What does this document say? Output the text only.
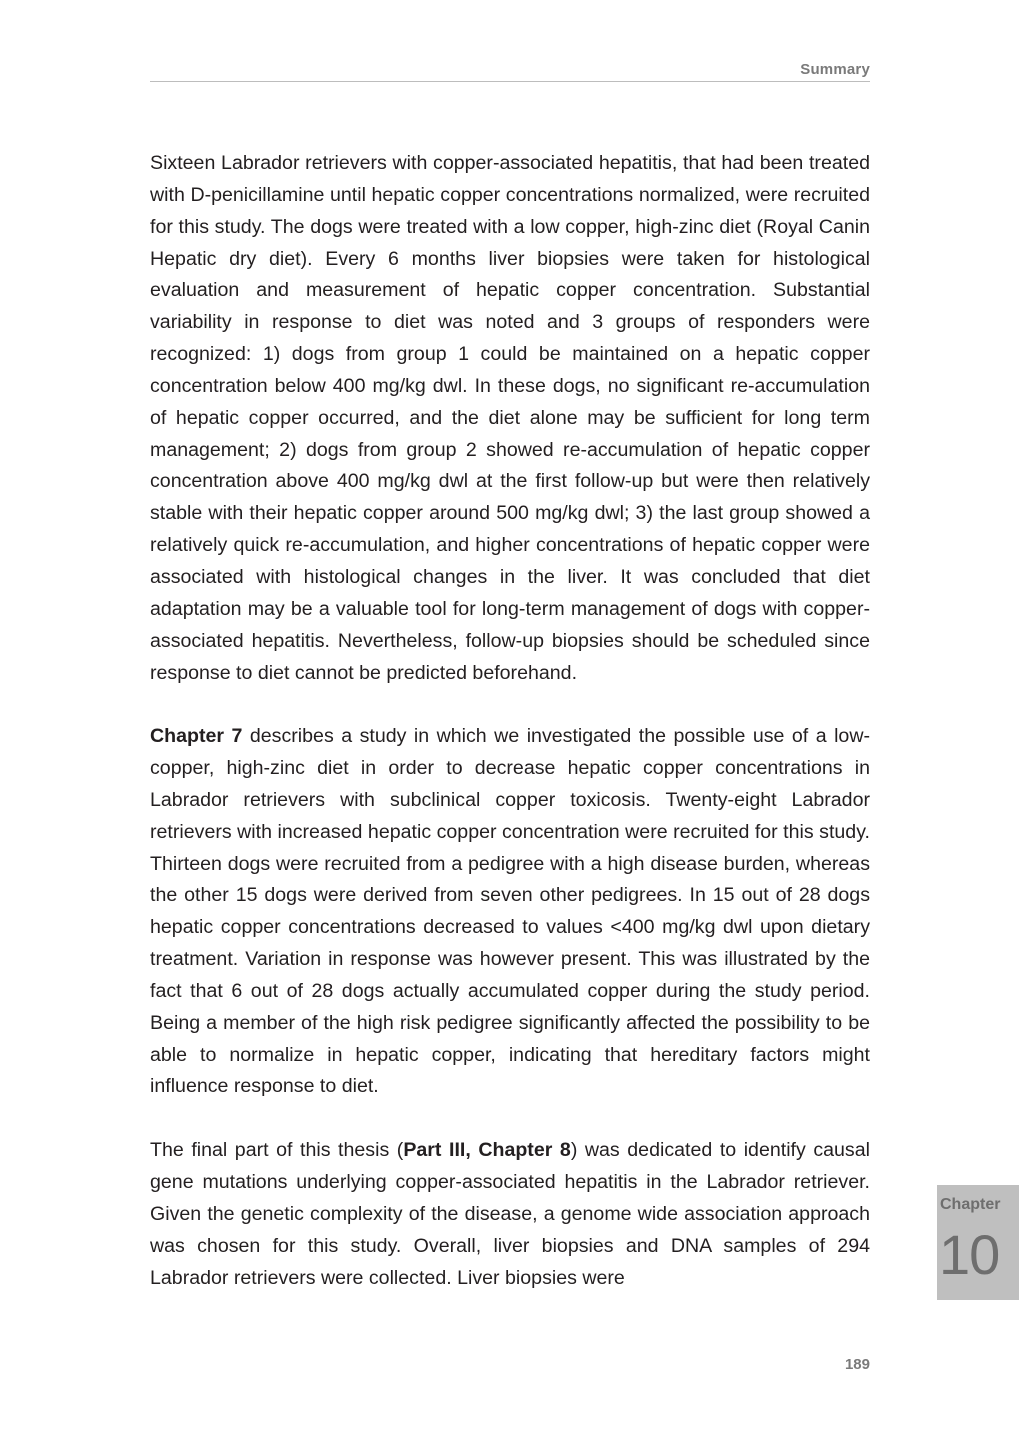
Summary

Sixteen Labrador retrievers with copper-associated hepatitis, that had been treated with D-penicillamine until hepatic copper concentrations normalized, were recruited for this study. The dogs were treated with a low copper, high-zinc diet (Royal Canin Hepatic dry diet). Every 6 months liver biopsies were taken for histological evaluation and measurement of hepatic copper concentration. Substantial variability in response to diet was noted and 3 groups of responders were recognized: 1) dogs from group 1 could be maintained on a hepatic copper concentration below 400 mg/kg dwl. In these dogs, no significant re-accumulation of hepatic copper occurred, and the diet alone may be sufficient for long term management; 2) dogs from group 2 showed re-accumulation of hepatic copper concentration above 400 mg/kg dwl at the first follow-up but were then relatively stable with their hepatic copper around 500 mg/kg dwl; 3) the last group showed a relatively quick re-accumulation, and higher concentrations of hepatic copper were associated with histological changes in the liver. It was concluded that diet adaptation may be a valuable tool for long-term management of dogs with copper-associated hepatitis. Nevertheless, follow-up biopsies should be scheduled since response to diet cannot be predicted beforehand.

Chapter 7 describes a study in which we investigated the possible use of a low-copper, high-zinc diet in order to decrease hepatic copper concentrations in Labrador retrievers with subclinical copper toxicosis. Twenty-eight Labrador retrievers with increased hepatic copper concentration were recruited for this study. Thirteen dogs were recruited from a pedigree with a high disease burden, whereas the other 15 dogs were derived from seven other pedigrees. In 15 out of 28 dogs hepatic copper concentrations decreased to values <400 mg/kg dwl upon dietary treatment. Variation in response was however present. This was illustrated by the fact that 6 out of 28 dogs actually accumulated copper during the study period. Being a member of the high risk pedigree significantly affected the possibility to be able to normalize in hepatic copper, indicating that hereditary factors might influence response to diet.

The final part of this thesis (Part III, Chapter 8) was dedicated to identify causal gene mutations underlying copper-associated hepatitis in the Labrador retriever. Given the genetic complexity of the disease, a genome wide association approach was chosen for this study. Overall, liver biopsies and DNA samples of 294 Labrador retrievers were collected. Liver biopsies were

Chapter
10
189
